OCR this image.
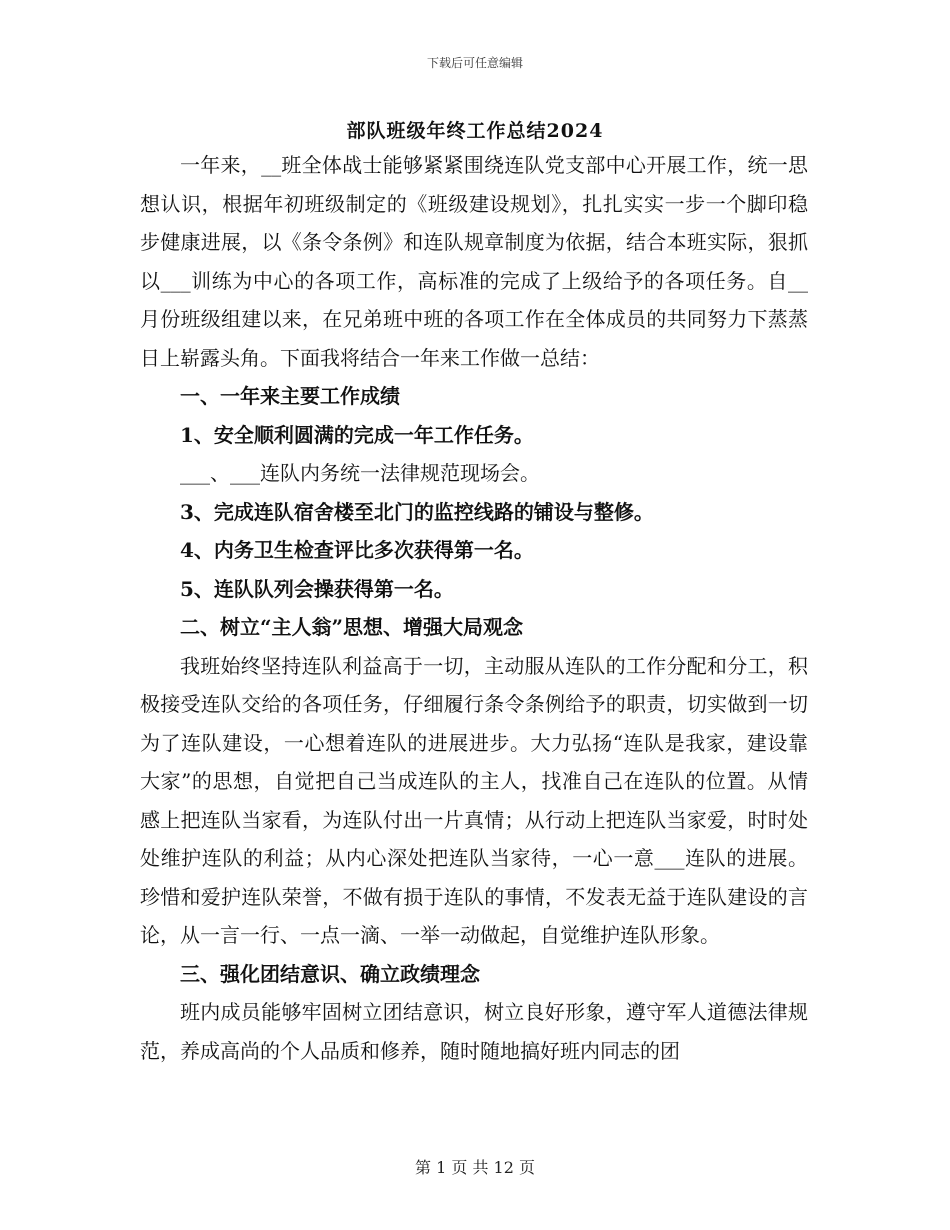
下载后可任意编辑
部队班级年终工作总结2024

一年来，__班全体战士能够紧紧围绕连队党支部中心开展工作，统一思想认识，根据年初班级制定的《班级建设规划》，扎扎实实一步一个脚印稳步健康进展，以《条令条例》和连队规章制度为依据，结合本班实际，狠抓以___训练为中心的各项工作，高标准的完成了上级给予的各项任务。自__月份班级组建以来，在兄弟班中班的各项工作在全体成员的共同努力下蒸蒸日上崭露头角。下面我将结合一年来工作做一总结：

一、一年来主要工作成绩

1、安全顺利圆满的完成一年工作任务。

___、___连队内务统一法律规范现场会。

3、完成连队宿舍楼至北门的监控线路的铺设与整修。

4、内务卫生检查评比多次获得第一名。

5、连队队列会操获得第一名。

二、树立“主人翁”思想、增强大局观念

我班始终坚持连队利益高于一切，主动服从连队的工作分配和分工，积极接受连队交给的各项任务，仔细履行条令条例给予的职责，切实做到一切为了连队建设，一心想着连队的进展进步。大力弘扬“连队是我家，建设靠大家”的思想，自觉把自己当成连队的主人，找准自己在连队的位置。从情感上把连队当家看，为连队付出一片真情；从行动上把连队当家爱，时时处处维护连队的利益；从内心深处把连队当家待，一心一意___连队的进展。珍惜和爱护连队荣誉，不做有损于连队的事情，不发表无益于连队建设的言论，从一言一行、一点一滴、一举一动做起，自觉维护连队形象。

三、强化团结意识、确立政绩理念

班内成员能够牢固树立团结意识，树立良好形象，遵守军人道德法律规范，养成高尚的个人品质和修养，随时随地搞好班内同志的团

第 1 页 共 12 页
